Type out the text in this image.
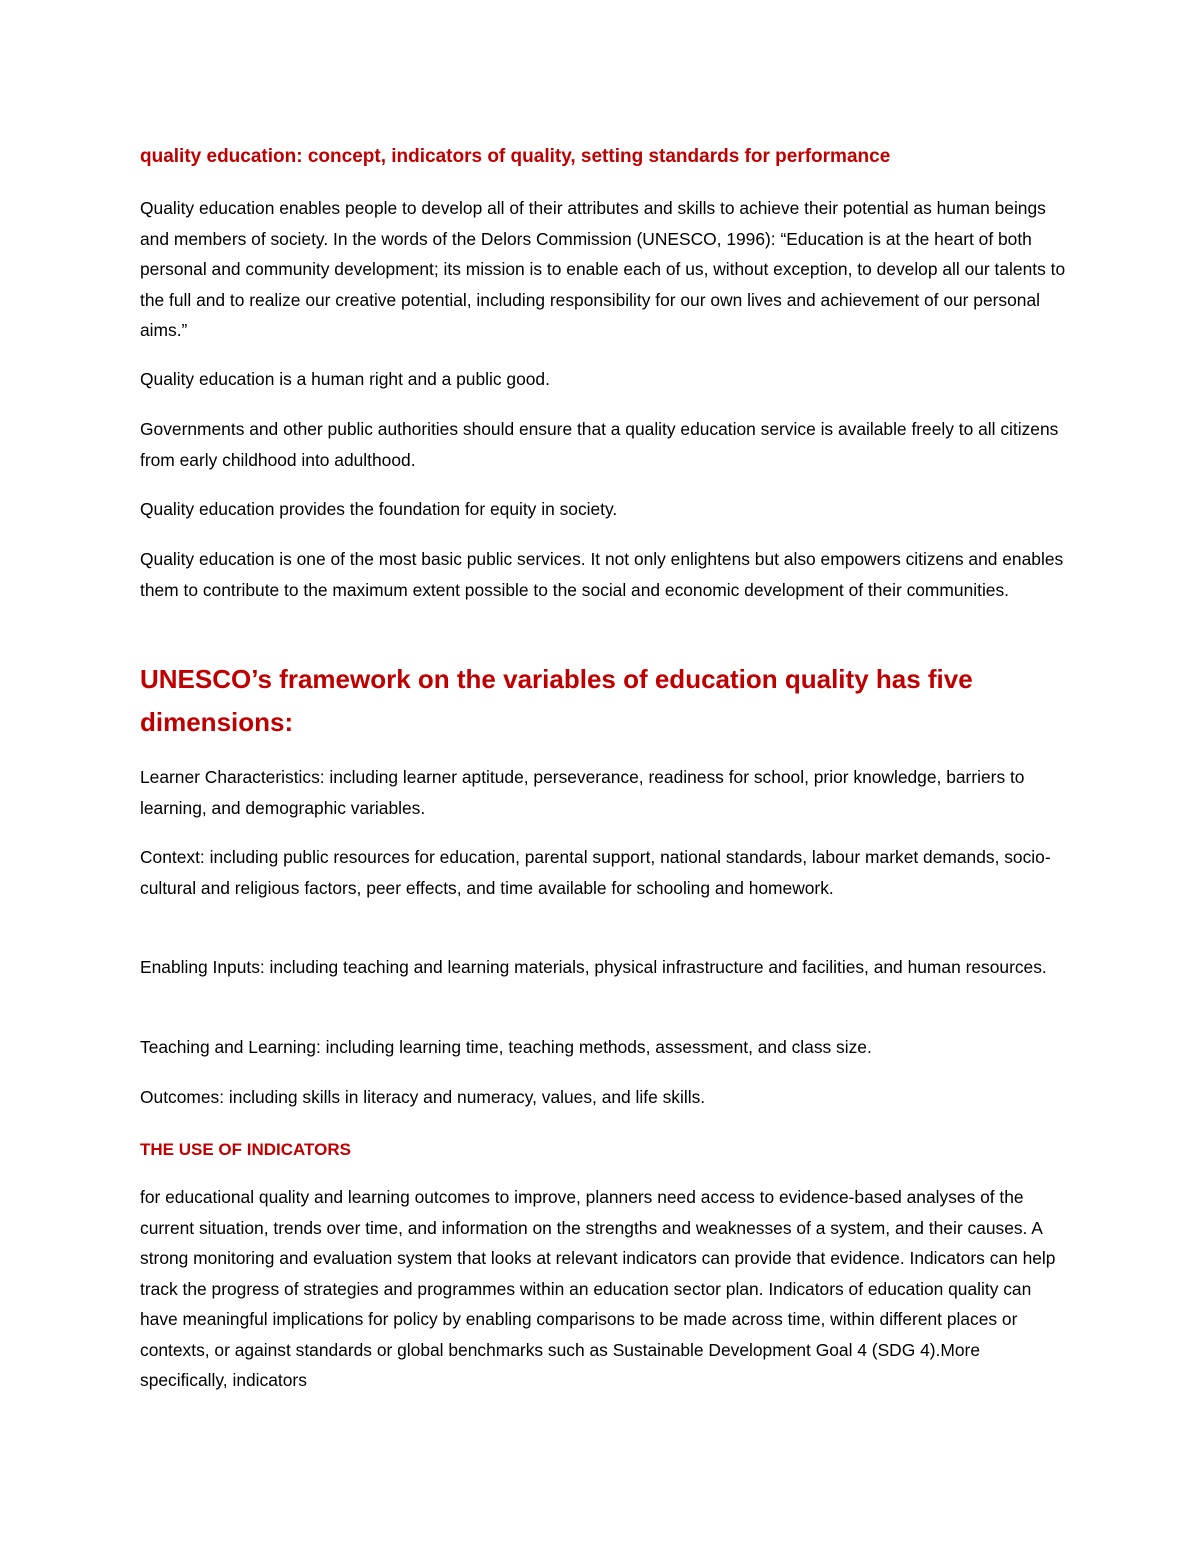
quality education: concept, indicators of quality, setting standards for performance

Quality education enables people to develop all of their attributes and skills to achieve their potential as human beings and members of society. In the words of the Delors Commission (UNESCO, 1996): “Education is at the heart of both personal and community development; its mission is to enable each of us, without exception, to develop all our talents to the full and to realize our creative potential, including responsibility for our own lives and achievement of our personal aims.”

Quality education is a human right and a public good.

Governments and other public authorities should ensure that a quality education service is available freely to all citizens from early childhood into adulthood.

Quality education provides the foundation for equity in society.

Quality education is one of the most basic public services. It not only enlightens but also empowers citizens and enables them to contribute to the maximum extent possible to the social and economic development of their communities.

UNESCO’s framework on the variables of education quality has five dimensions:

Learner Characteristics: including learner aptitude, perseverance, readiness for school, prior knowledge, barriers to learning, and demographic variables.

Context: including public resources for education, parental support, national standards, labour market demands, socio-cultural and religious factors, peer effects, and time available for schooling and homework.

Enabling Inputs: including teaching and learning materials, physical infrastructure and facilities, and human resources.

Teaching and Learning: including learning time, teaching methods, assessment, and class size.

Outcomes: including skills in literacy and numeracy, values, and life skills.

THE USE OF INDICATORS

for educational quality and learning outcomes to improve, planners need access to evidence-based analyses of the current situation, trends over time, and information on the strengths and weaknesses of a system, and their causes. A strong monitoring and evaluation system that looks at relevant indicators can provide that evidence. Indicators can help track the progress of strategies and programmes within an education sector plan. Indicators of education quality can have meaningful implications for policy by enabling comparisons to be made across time, within different places or contexts, or against standards or global benchmarks such as Sustainable Development Goal 4 (SDG 4).More specifically, indicators
